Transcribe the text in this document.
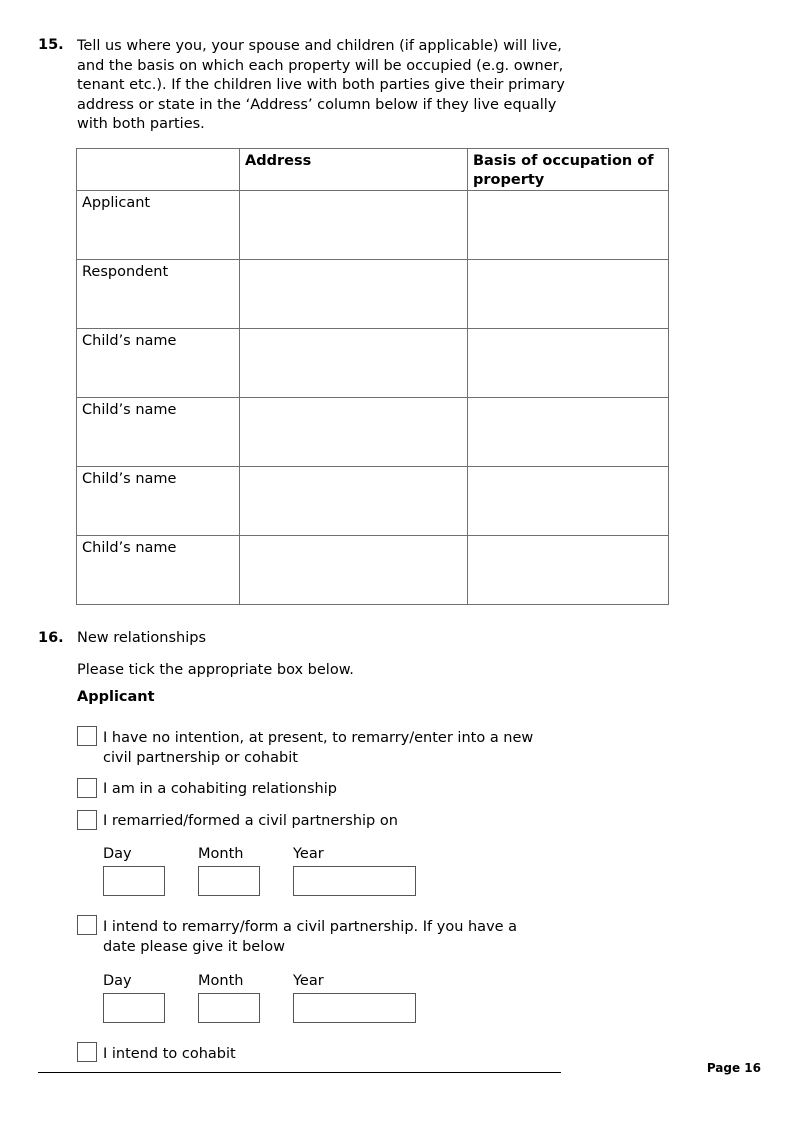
15. Tell us where you, your spouse and children (if applicable) will live, and the basis on which each property will be occupied (e.g. owner, tenant etc.). If the children live with both parties give their primary address or state in the ‘Address’ column below if they live equally with both parties.
	Address	Basis of occupation of property
Applicant		
Respondent		
Child’s name		
Child’s name		
Child’s name		
Child’s name		
16. New relationships
Please tick the appropriate box below.
Applicant
I have no intention, at present, to remarry/enter into a new civil partnership or cohabit
I am in a cohabiting relationship
I remarried/formed a civil partnership on
Day	Month	Year
I intend to remarry/form a civil partnership. If you have a date please give it below
Day	Month	Year
I intend to cohabit
Page 16
